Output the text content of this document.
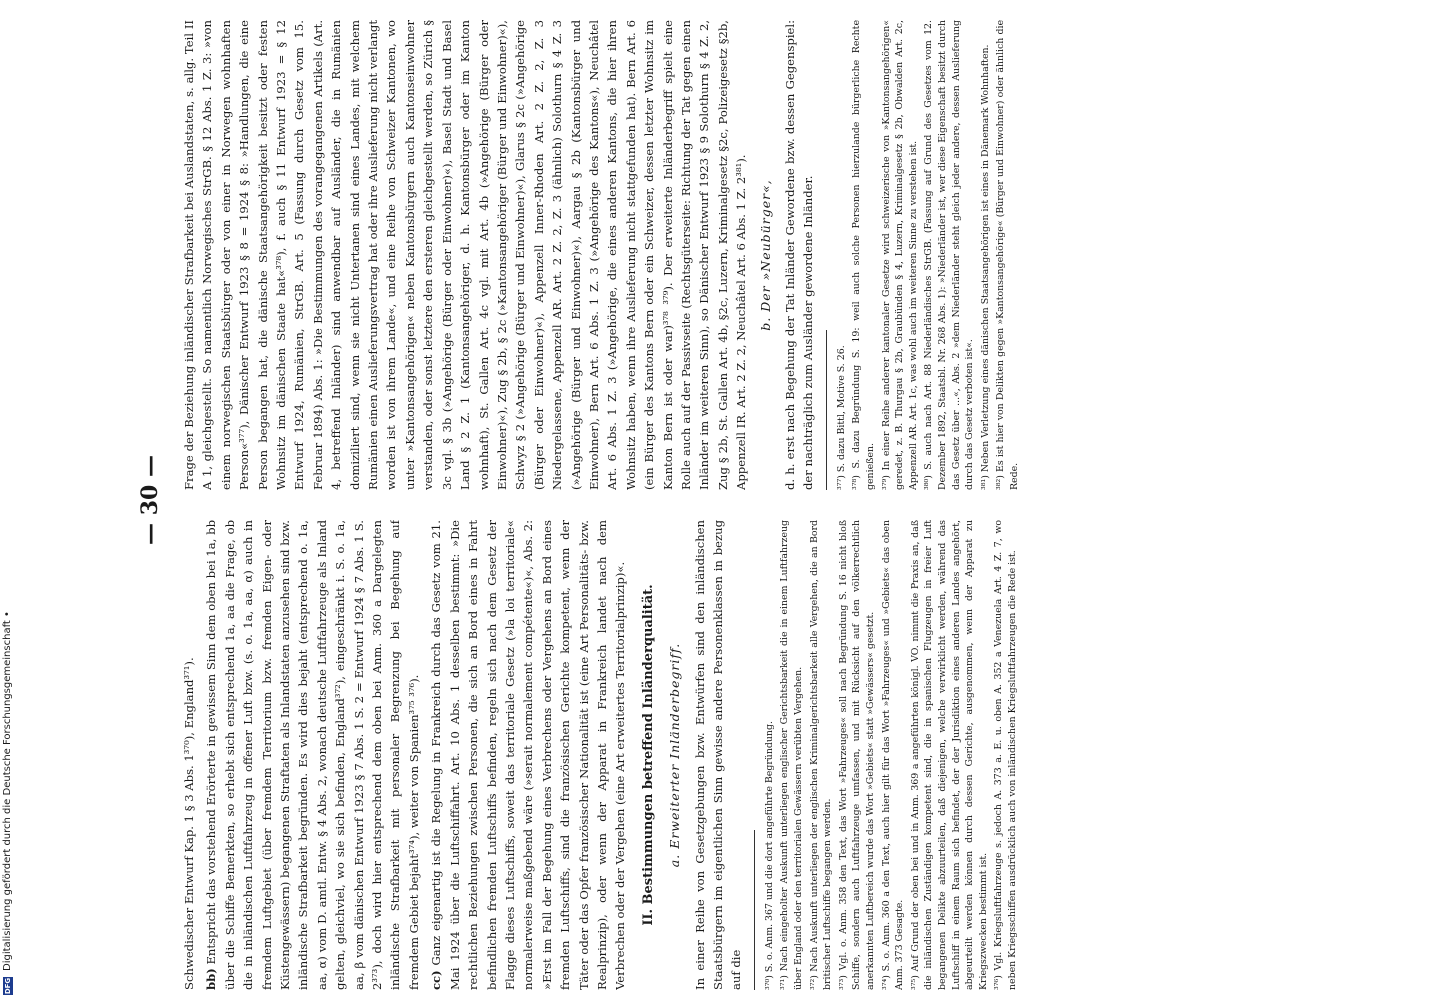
DFG
Digitalisierung gefördert durch die Deutsche Forschungsgemeinschaft •
— 30 —

Schwedischer Entwurf Kap. 1 § 3 Abs. 1³⁷⁰), England³⁷¹). bb) Entspricht das vorstehend Erörterte in gewissem Sinn dem oben bei 1a, bb über die Schiffe Bemerkten, so erhebt sich entsprechend 1a, aa die Frage, ob die in inländischen Luftfahrzeug in offener Luft bzw. (s. o. 1a, aa, α) auch in fremdem Luftgebiet (über fremdem Territorium bzw. fremden Eigen- oder Küstengewässern) begangenen Straftaten als Inlandstaten anzusehen sind bzw. inländische Strafbarkeit begründen. Es wird dies bejaht (entsprechend o. 1a, aa, α) vom D. amtl. Entw. § 4 Abs. 2, wonach deutsche Luftfahrzeuge als Inland gelten, gleichviel, wo sie sich befinden, England³⁷²), eingeschränkt i. S. o. 1a, aa, β vom dänischen Entwurf 1923 § 7 Abs. 1 S. 2 = Entwurf 1924 § 7 Abs. 1 S. 2³⁷³), doch wird hier entsprechend dem oben bei Anm. 360 a Dargelegten inländische Strafbarkeit mit personaler Begrenzung bei Begehung auf fremdem Gebiet bejaht³⁷⁴), weiter von Spanien³⁷⁵ ³⁷⁶). cc) Ganz eigenartig ist die Regelung in Frankreich durch das Gesetz vom 21. Mai 1924 über die Luftschiffahrt. Art. 10 Abs. 1 desselben bestimmt: »Die rechtlichen Beziehungen zwischen Personen, die sich an Bord eines in Fahrt befindlichen fremden Luftschiffs befinden, regeln sich nach dem Gesetz der Flagge dieses Luftschiffs, soweit das territoriale Gesetz (»la loi territoriale« normalerweise maßgebend wäre (»serait normalement compétente«)«, Abs. 2: »Erst im Fall der Begehung eines Verbrechens oder Vergehens an Bord eines fremden Luftschiffs, sind die französischen Gerichte kompetent, wenn der Täter oder das Opfer französischer Nationalität ist (eine Art Personalitäts- bzw. Realprinzip), oder wenn der Apparat in Frankreich landet nach dem Verbrechen oder der Vergehen (eine Art erweitertes Territorialprinzip)«. II. Bestimmungen betreffend Inländerqualität. a. Erweiterter Inländerbegriff. In einer Reihe von Gesetzgebungen bzw. Entwürfen sind den inländischen Staatsbürgern im eigentlichen Sinn gewisse andere Personenklassen in bezug auf die ³⁷⁰) S. o. Anm. 367 und die dort angeführte Begründung. ³⁷¹) Nach eingeholter Auskunft unterliegen englischer Gerichtsbarkeit die in einem Luftfahrzeug über England oder den territorialen Gewässern verübten Vergehen. ³⁷²) Nach Auskunft unterliegen der englischen Kriminalgerichtsbarkeit alle Vergehen, die an Bord britischer Luftschiffe begangen werden. ³⁷³) Vgl. o. Anm. 358 den Text, das Wort »Fahrzeuges« soll nach Begründung S. 16 nicht bloß Schiffe, sondern auch Luftfahrzeuge umfassen, und mit Rücksicht auf den völkerrechtlich anerkannten Luftbereich wurde das Wort »Gebiets« statt »Gewässers« gesetzt. ³⁷⁴) S. o. Anm. 360 a den Text, auch hier gilt für das Wort »Fahrzeuges« und »Gebiets« das oben Anm. 373 Gesagte. ³⁷⁵) Auf Grund der oben bei und in Anm. 369 a angeführten königl. VO. nimmt die Praxis an, daß die inländischen Zuständigen kompetent sind, die in spanischen Flugzeugen in freier Luft begangenen Delikte abzuurteilen, daß diejenigen, welche verwirklicht werden, während das Luftschiff in einem Raum sich befindet, der der Jurisdiktion eines anderen Landes angehört, abgeurteilt werden können durch dessen Gerichte, ausgenommen, wenn der Apparat zu Kriegszwecken bestimmt ist. ³⁷⁶) Vgl. Kriegsluftfahrzeuge s. jedoch A. 373 a. E. u. oben A. 352 a Venezuela Art. 4 Z. 7, wo neben Kriegsschiffen ausdrücklich auch von inländischen Kriegsluftfahrzeugen die Rede ist.

Frage der Beziehung inländischer Strafbarkeit bei Auslandstaten, s. allg. Teil II A 1, gleichgestellt. So namentlich Norwegisches StrGB. § 12 Abs. 1 Z. 3: »von einem norwegischen Staatsbürger oder von einer in Norwegen wohnhaften Person«³⁷⁷), Dänischer Entwurf 1923 § 8 = 1924 § 8: »Handlungen, die eine Person begangen hat, die dänische Staatsangehörigkeit besitzt oder festen Wohnsitz im dänischen Staate hat«³⁷⁸), f. auch § 11 Entwurf 1923 = § 12 Entwurf 1924, Rumänien, StrGB. Art. 5 (Fassung durch Gesetz vom 15. Februar 1894) Abs. 1: »Die Bestimmungen des vorangegangenen Artikels (Art. 4, betreffend Inländer) sind anwendbar auf Ausländer, die in Rumänien domiziliert sind, wenn sie nicht Untertanen sind eines Landes, mit welchem Rumänien einen Auslieferungsvertrag hat oder ihre Auslieferung nicht verlangt worden ist von ihrem Lande«, und eine Reihe von Schweizer Kantonen, wo unter »Kantonsangehörigen« neben Kantonsbürgern auch Kantonseinwohner verstanden, oder sonst letztere den ersteren gleichgestellt werden, so Zürich § 3c vgl. § 3b (»Angehörige (Bürger oder Einwohner)«), Basel Stadt und Basel Land § 2 Z. 1 (Kantonsangehöriger, d. h. Kantonsbürger oder im Kanton wohnhaft), St. Gallen Art. 4c vgl. mit Art. 4b (»Angehörige (Bürger oder Einwohner)«), Zug § 2b, § 2c (»Kantonsangehöriger (Bürger und Einwohner)«), Schwyz § 2 (»Angehörige (Bürger und Einwohner)«), Glarus § 2c (»Angehörige (Bürger oder Einwohner)«), Appenzell Inner-Rhoden Art. 2 Z. 2, Z. 3 Niedergelassene, Appenzell AR. Art. 2 Z. 2, Z. 3 (ähnlich) Solothurn § 4 Z. 3 (»Angehörige (Bürger und Einwohner)«), Aargau § 2b (Kantonsbürger und Einwohner), Bern Art. 6 Abs. 1 Z. 3 (»Angehörige des Kantons«), Neuchâtel Art. 6 Abs. 1 Z. 3 (»Angehörige, die eines anderen Kantons, die hier ihren Wohnsitz haben, wenn ihre Auslieferung nicht stattgefunden hat). Bern Art. 6 (ein Bürger des Kantons Bern oder ein Schweizer, dessen letzter Wohnsitz im Kanton Bern ist oder war)³⁷⁸ ³⁷⁹). Der erweiterte Inländerbegriff spielt eine Rolle auch auf der Passivseite (Rechtsgüterseite: Richtung der Tat gegen einen Inländer im weiteren Sinn), so Dänischer Entwurf 1923 § 9 Solothurn § 4 Z. 2, Zug § 2b, St. Gallen Art. 4b, §2c, Luzern, Kriminalgesetz §2c, Polizeigesetz §2b, Appenzell IR. Art. 2 Z. 2, Neuchâtel Art. 6 Abs. 1 Z. 2³⁸¹). b. Der »Neubürger«, d. h. erst nach Begehung der Tat Inländer Gewordene bzw. dessen Gegenspiel: der nachträglich zum Ausländer gewordene Inländer. ³⁷⁷) S. dazu Bittl, Motive S. 26. ³⁷⁸) S. dazu Begründung S. 19: weil auch solche Personen hierzulande bürgerliche Rechte genießen. ³⁷⁹) In einer Reihe anderer kantonaler Gesetze wird schweizerische von »Kantonsangehörigen« geredet, z. B. Thurgau § 2b, Graubünden § 4, Luzern, Kriminalgesetz § 2b, Obwalden Art. 2c, Appenzell AR. Art. 1c, was wohl auch im weiteren Sinne zu verstehen ist. ³⁸⁰) S. auch nach Art. 88 Niederländisches StrGB. (Fassung auf Grund des Gesetzes vom 12. Dezember 1892, Staatsbl. Nr. 268 Abs. 1): »Niederländer ist, wer diese Eigenschaft besitzt durch das Gesetz über ...«, Abs. 2 »dem Niederländer steht gleich jeder andere, dessen Auslieferung durch das Gesetz verboten ist«. ³⁸¹) Neben Verletzung eines dänischen Staatsangehörigen ist eines in Dänemark Wohnhaften. ³⁸²) Es ist hier von Delikten gegen »Kantonsangehörige« (Bürger und Einwohner) oder ähnlich die Rede.
